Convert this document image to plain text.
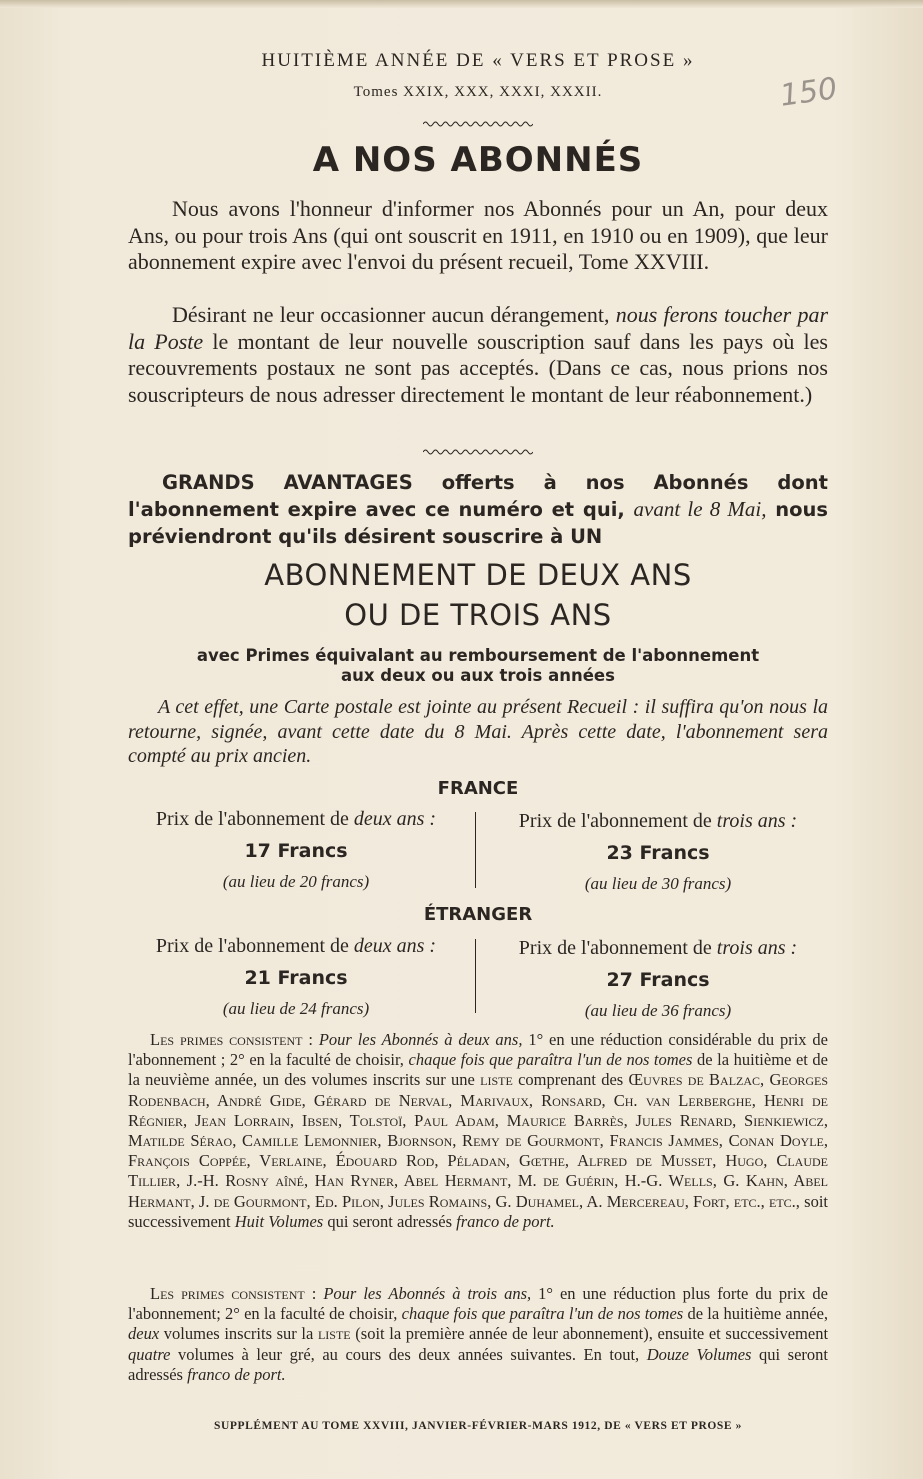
150
HUITIÈME ANNÉE DE « VERS ET PROSE »
Tomes XXIX, XXX, XXXI, XXXII.
A NOS ABONNÉS
Nous avons l'honneur d'informer nos Abonnés pour un An, pour deux Ans, ou pour trois Ans (qui ont souscrit en 1911, en 1910 ou en 1909), que leur abonnement expire avec l'envoi du présent recueil, Tome XXVIII.
Désirant ne leur occasionner aucun dérangement, nous ferons toucher par la Poste le montant de leur nouvelle souscription sauf dans les pays où les recouvrements postaux ne sont pas acceptés. (Dans ce cas, nous prions nos souscripteurs de nous adresser directement le montant de leur réabonnement.)
GRANDS AVANTAGES offerts à nos Abonnés dont l'abonnement expire avec ce numéro et qui, avant le 8 Mai, nous préviendront qu'ils désirent souscrire à UN
ABONNEMENT DE DEUX ANS
OU DE TROIS ANS
avec Primes équivalant au remboursement de l'abonnement
aux deux ou aux trois années
A cet effet, une Carte postale est jointe au présent Recueil : il suffira qu'on nous la retourne, signée, avant cette date du 8 Mai. Après cette date, l'abonnement sera compté au prix ancien.
FRANCE
Prix de l'abonnement de deux ans :
17 Francs
(au lieu de 20 francs)
Prix de l'abonnement de trois ans :
23 Francs
(au lieu de 30 francs)
ÉTRANGER
Prix de l'abonnement de deux ans :
21 Francs
(au lieu de 24 francs)
Prix de l'abonnement de trois ans :
27 Francs
(au lieu de 36 francs)
Les primes consistent : Pour les Abonnés à deux ans, 1° en une réduction considérable du prix de l'abonnement ; 2° en la faculté de choisir, chaque fois que paraîtra l'un de nos tomes de la huitième et de la neuvième année, un des volumes inscrits sur une liste comprenant des Œuvres de Balzac, Georges Rodenbach, André Gide, Gérard de Nerval, Marivaux, Ronsard, Ch. van Lerberghe, Henri de Régnier, Jean Lorrain, Ibsen, Tolstoï, Paul Adam, Maurice Barrès, Jules Renard, Sienkiewicz, Matilde Sérao, Camille Lemonnier, Bjornson, Remy de Gourmont, Francis Jammes, Conan Doyle, François Coppée, Verlaine, Édouard Rod, Péladan, Gœthe, Alfred de Musset, Hugo, Claude Tillier, J.-H. Rosny aîné, Han Ryner, Abel Hermant, M. de Guérin, H.-G. Wells, G. Kahn, Abel Hermant, J. de Gourmont, Ed. Pilon, Jules Romains, G. Duhamel, A. Mercereau, Fort, etc., etc., soit successivement Huit Volumes qui seront adressés franco de port.
Les primes consistent : Pour les Abonnés à trois ans, 1° en une réduction plus forte du prix de l'abonnement; 2° en la faculté de choisir, chaque fois que paraîtra l'un de nos tomes de la huitième année, deux volumes inscrits sur la liste (soit la première année de leur abonnement), ensuite et successivement quatre volumes à leur gré, au cours des deux années suivantes. En tout, Douze Volumes qui seront adressés franco de port.
SUPPLÉMENT AU TOME XXVIII, JANVIER-FÉVRIER-MARS 1912, DE « VERS ET PROSE »
